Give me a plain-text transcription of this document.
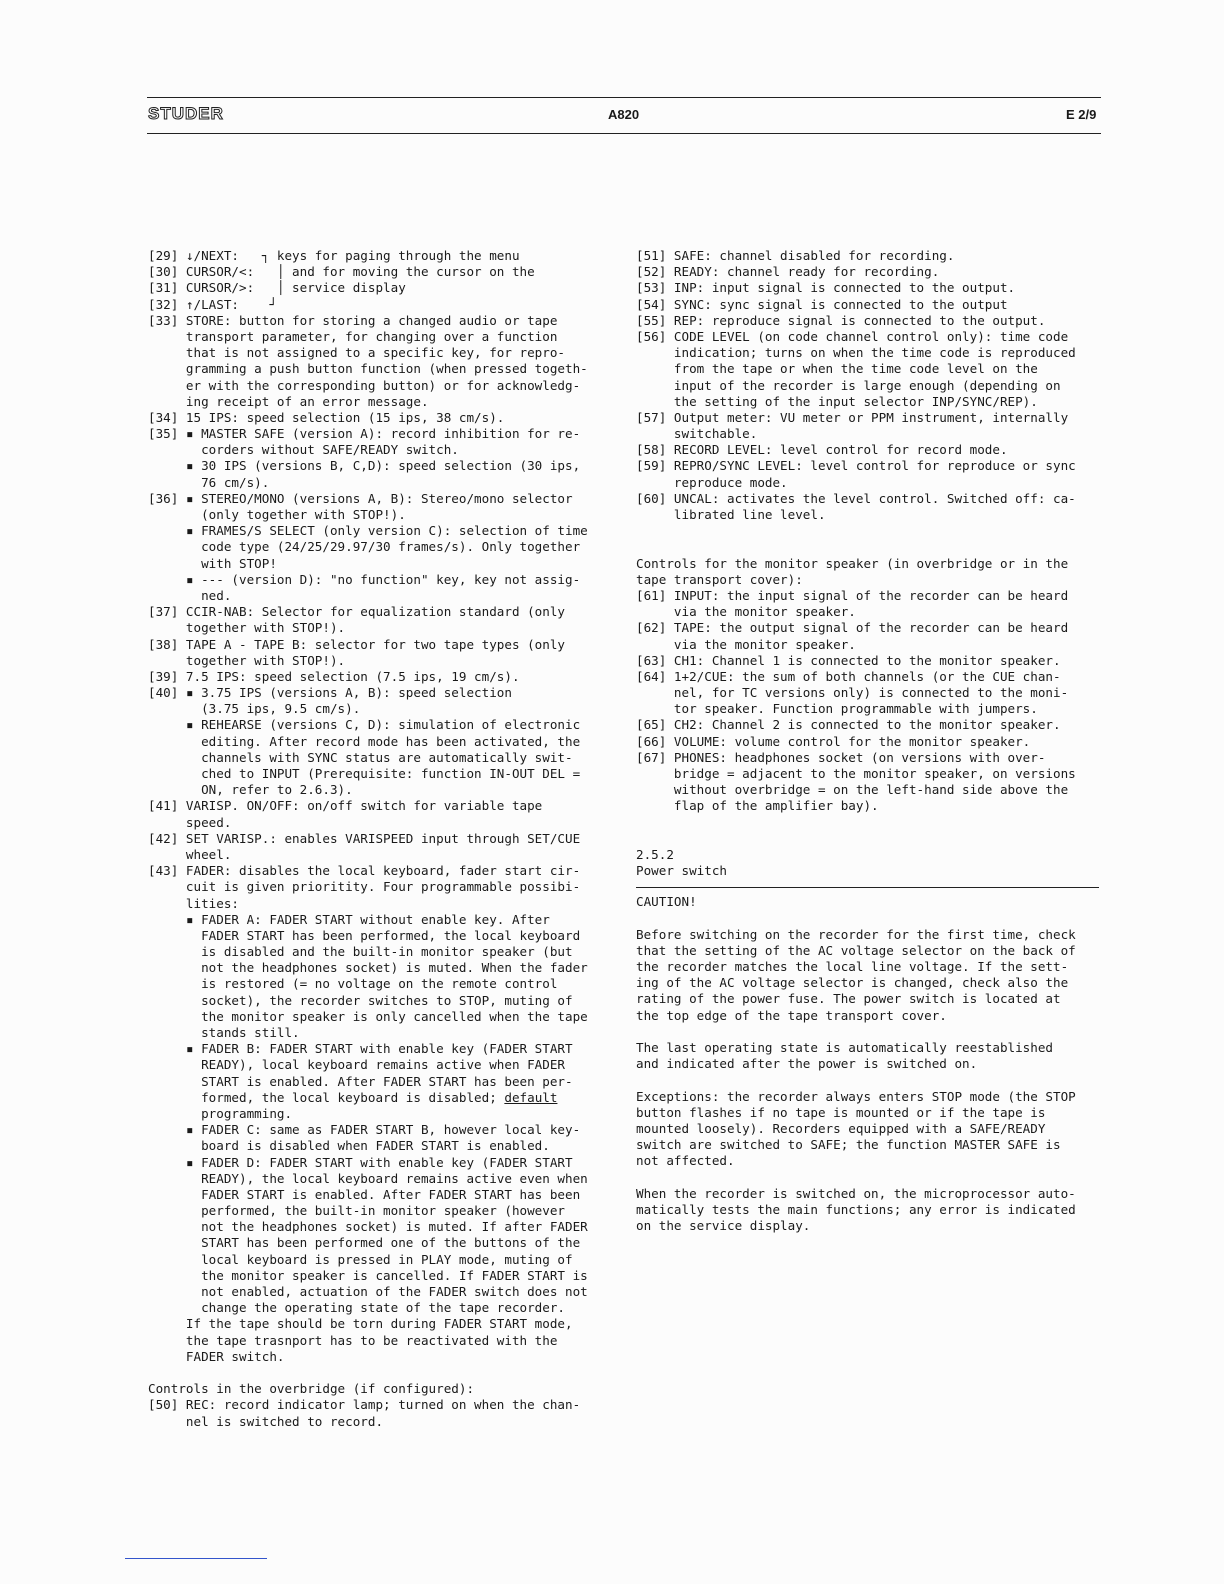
STUDER	A820	E 2/9
[29] ↓/NEXT:   ┐ keys for paging through the menu
[30] CURSOR/<:   │ and for moving the cursor on the
[31] CURSOR/>:   │ service display
[32] ↑/LAST:    ┘
[33] STORE: button for storing a changed audio or tape
transport parameter, for changing over a function
that is not assigned to a specific key, for repro-
gramming a push button function (when pressed togeth-
er with the corresponding button) or for acknowledg-
ing receipt of an error message.
[34] 15 IPS: speed selection (15 ips, 38 cm/s).
[35] ▪ MASTER SAFE (version A): record inhibition for re-
corders without SAFE/READY switch.
▪ 30 IPS (versions B, C,D): speed selection (30 ips,
76 cm/s).
[36] ▪ STEREO/MONO (versions A, B): Stereo/mono selector
(only together with STOP!).
▪ FRAMES/S SELECT (only version C): selection of time
code type (24/25/29.97/30 frames/s). Only together
with STOP!
▪ --- (version D): "no function" key, key not assig-
ned.
[37] CCIR-NAB: Selector for equalization standard (only
together with STOP!).
[38] TAPE A - TAPE B: selector for two tape types (only
together with STOP!).
[39] 7.5 IPS: speed selection (7.5 ips, 19 cm/s).
[40] ▪ 3.75 IPS (versions A, B): speed selection
(3.75 ips, 9.5 cm/s).
▪ REHEARSE (versions C, D): simulation of electronic
editing. After record mode has been activated, the
channels with SYNC status are automatically swit-
ched to INPUT (Prerequisite: function IN-OUT DEL =
ON, refer to 2.6.3).
[41] VARISP. ON/OFF: on/off switch for variable tape
speed.
[42] SET VARISP.: enables VARISPEED input through SET/CUE
wheel.
[43] FADER: disables the local keyboard, fader start cir-
cuit is given prioritity. Four programmable possibi-
lities:
▪ FADER A: FADER START without enable key. After
FADER START has been performed, the local keyboard
is disabled and the built-in monitor speaker (but
not the headphones socket) is muted. When the fader
is restored (= no voltage on the remote control
socket), the recorder switches to STOP, muting of
the monitor speaker is only cancelled when the tape
stands still.
▪ FADER B: FADER START with enable key (FADER START
READY), local keyboard remains active when FADER
START is enabled. After FADER START has been per-
formed, the local keyboard is disabled; default
programming.
▪ FADER C: same as FADER START B, however local key-
board is disabled when FADER START is enabled.
▪ FADER D: FADER START with enable key (FADER START
READY), the local keyboard remains active even when
FADER START is enabled. After FADER START has been
performed, the built-in monitor speaker (however
not the headphones socket) is muted. If after FADER
START has been performed one of the buttons of the
local keyboard is pressed in PLAY mode, muting of
the monitor speaker is cancelled. If FADER START is
not enabled, actuation of the FADER switch does not
change the operating state of the tape recorder.
If the tape should be torn during FADER START mode,
the tape trasnport has to be reactivated with the
FADER switch.
Controls in the overbridge (if configured):
[50] REC: record indicator lamp; turned on when the chan-
nel is switched to record.
[51] SAFE: channel disabled for recording.
[52] READY: channel ready for recording.
[53] INP: input signal is connected to the output.
[54] SYNC: sync signal is connected to the output
[55] REP: reproduce signal is connected to the output.
[56] CODE LEVEL (on code channel control only): time code
indication; turns on when the time code is reproduced
from the tape or when the time code level on the
input of the recorder is large enough (depending on
the setting of the input selector INP/SYNC/REP).
[57] Output meter: VU meter or PPM instrument, internally
switchable.
[58] RECORD LEVEL: level control for record mode.
[59] REPRO/SYNC LEVEL: level control for reproduce or sync
reproduce mode.
[60] UNCAL: activates the level control. Switched off: ca-
librated line level.
Controls for the monitor speaker (in overbridge or in the
tape transport cover):
[61] INPUT: the input signal of the recorder can be heard
via the monitor speaker.
[62] TAPE: the output signal of the recorder can be heard
via the monitor speaker.
[63] CH1: Channel 1 is connected to the monitor speaker.
[64] 1+2/CUE: the sum of both channels (or the CUE chan-
nel, for TC versions only) is connected to the moni-
tor speaker. Function programmable with jumpers.
[65] CH2: Channel 2 is connected to the monitor speaker.
[66] VOLUME: volume control for the monitor speaker.
[67] PHONES: headphones socket (on versions with over-
bridge = adjacent to the monitor speaker, on versions
without overbridge = on the left-hand side above the
flap of the amplifier bay).
2.5.2
Power switch
CAUTION!
Before switching on the recorder for the first time, check
that the setting of the AC voltage selector on the back of
the recorder matches the local line voltage. If the sett-
ing of the AC voltage selector is changed, check also the
rating of the power fuse. The power switch is located at
the top edge of the tape transport cover.
The last operating state is automatically reestablished
and indicated after the power is switched on.
Exceptions: the recorder always enters STOP mode (the STOP
button flashes if no tape is mounted or if the tape is
mounted loosely). Recorders equipped with a SAFE/READY
switch are switched to SAFE; the function MASTER SAFE is
not affected.
When the recorder is switched on, the microprocessor auto-
matically tests the main functions; any error is indicated
on the service display.
